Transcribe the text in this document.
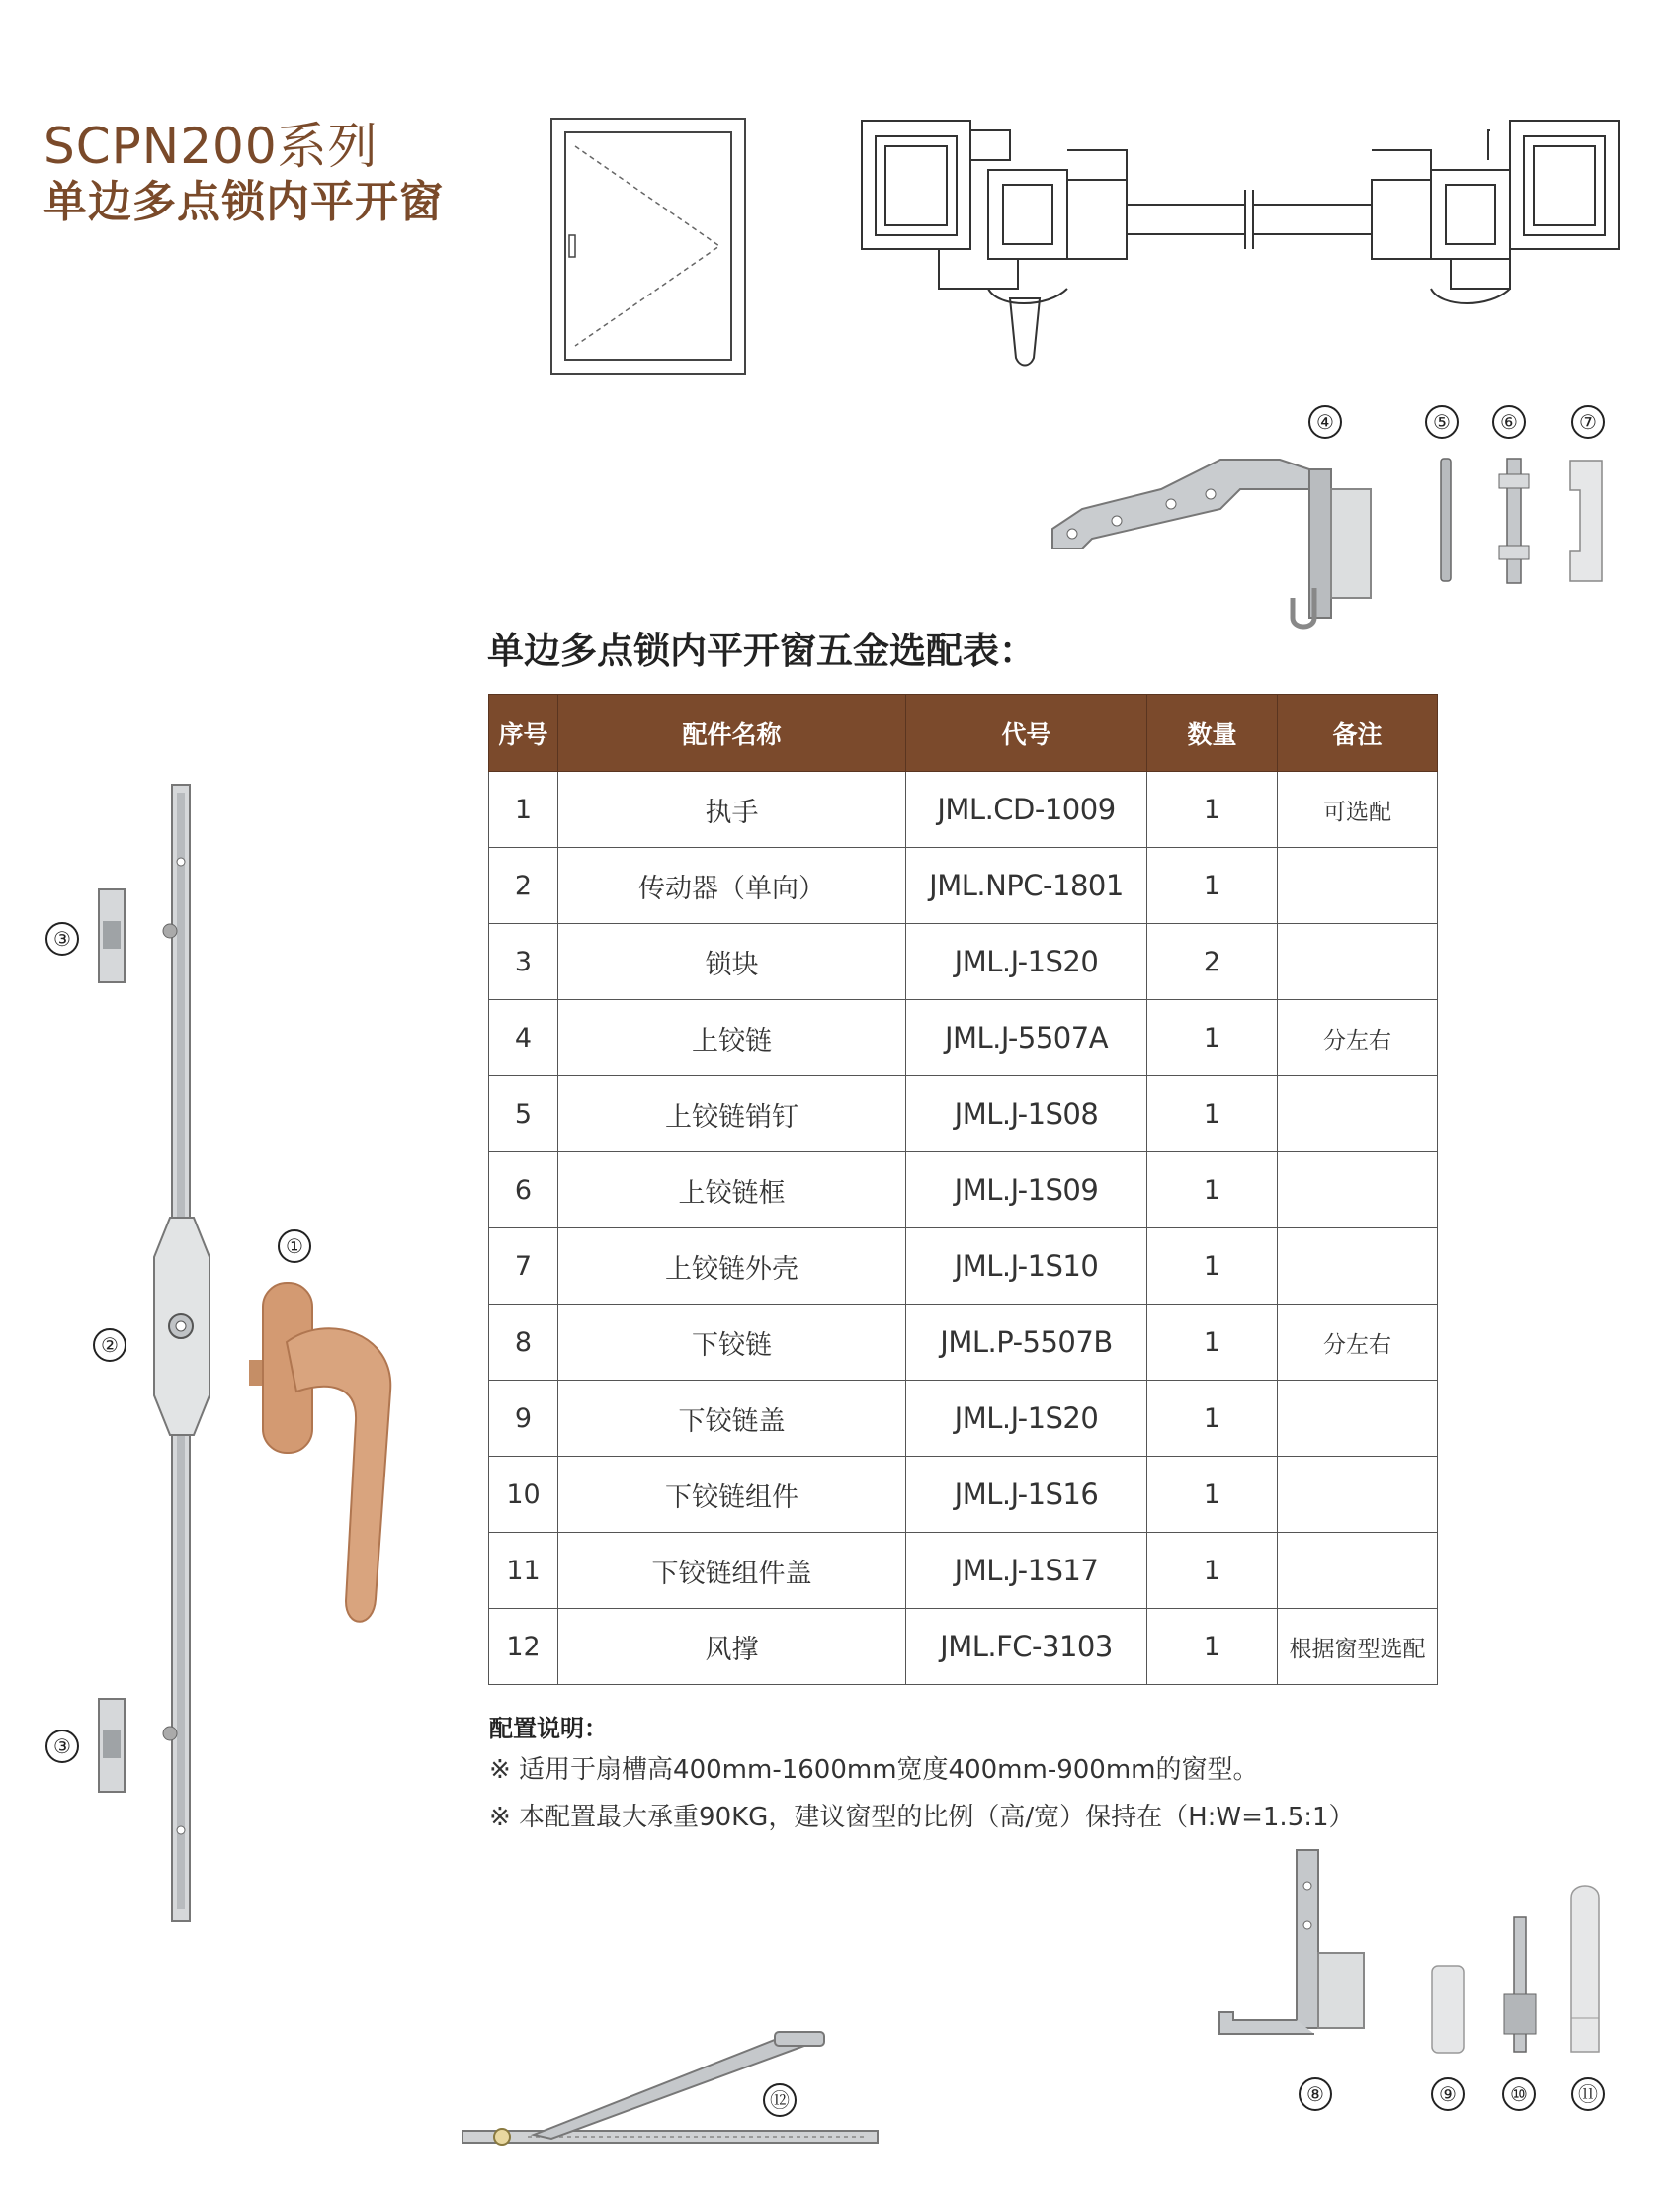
SCPN200系列
单边多点锁内平开窗
单边多点锁内平开窗五金选配表：
序号	配件名称	代号	数量	备注
1	执手	JML.CD-1009	1	可选配
2	传动器（单向）	JML.NPC-1801	1	
3	锁块	JML.J-1S20	2	
4	上铰链	JML.J-5507A	1	分左右
5	上铰链销钉	JML.J-1S08	1	
6	上铰链框	JML.J-1S09	1	
7	上铰链外壳	JML.J-1S10	1	
8	下铰链	JML.P-5507B	1	分左右
9	下铰链盖	JML.J-1S20	1	
10	下铰链组件	JML.J-1S16	1	
11	下铰链组件盖	JML.J-1S17	1	
12	风撑	JML.FC-3103	1	根据窗型选配
配置说明：
※ 适用于扇槽高400mm-1600mm宽度400mm-900mm的窗型。
※ 本配置最大承重90KG，建议窗型的比例（高/宽）保持在（H:W=1.5:1）
①
②
③
③
④	⑤	⑥	⑦
⑧	⑨	⑩	⑪
⑫
